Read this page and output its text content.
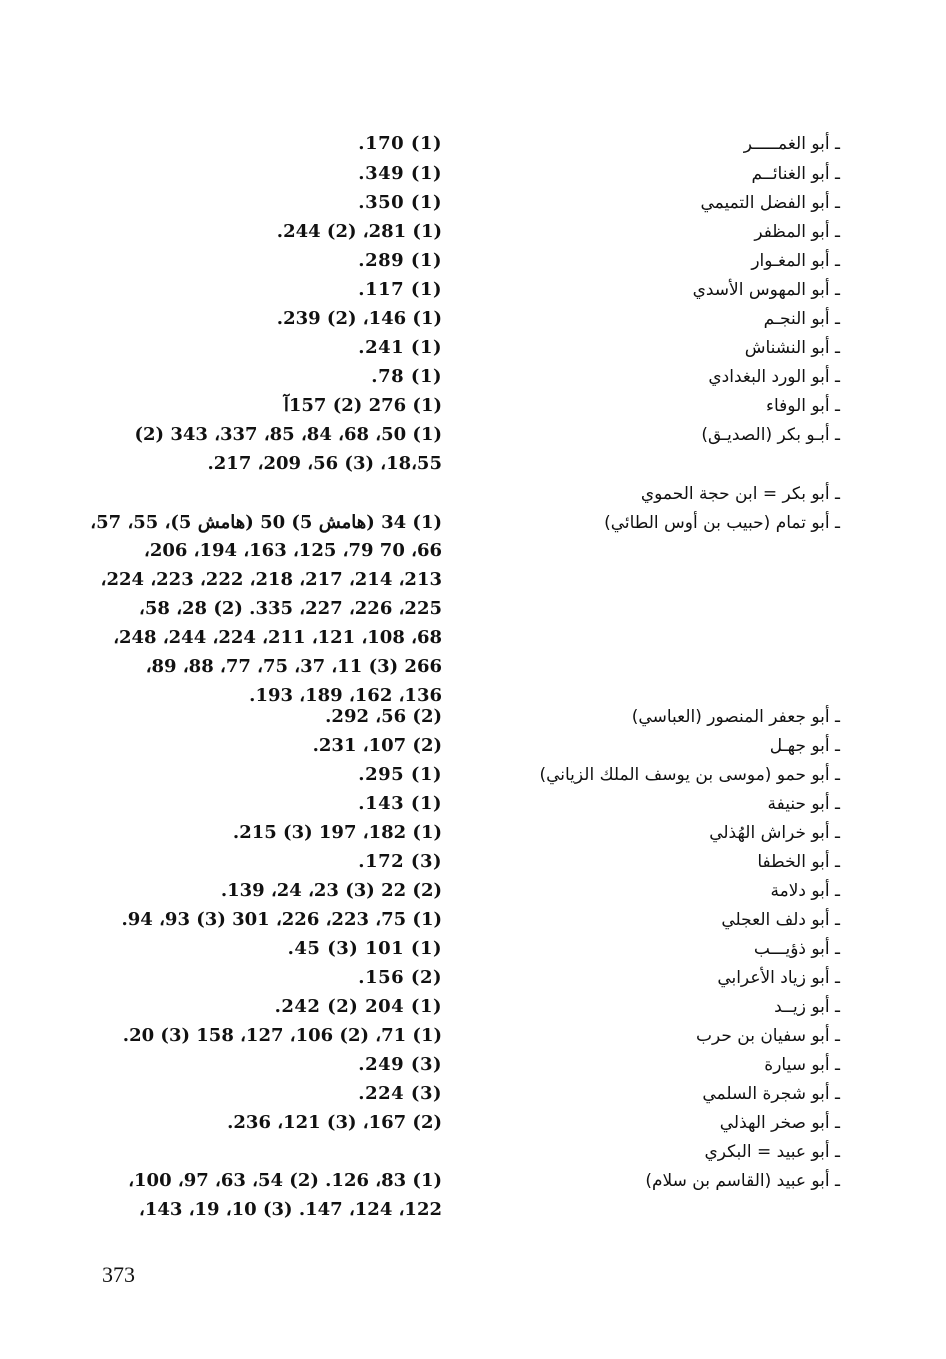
ـ أبو الغمـــــر
(1) 170.
ـ أبو الغنائــم
(1) 349.
ـ أبو الفضل التميمي
(1) 350.
ـ أبو المظفر
(1) 281، (2) 244.
ـ أبو المغـوار
(1) 289.
ـ أبو المهوس الأسدي
(1) 117.
ـ أبو النجـم
(1) 146، (2) 239.
ـ أبو النشناش
(1) 241.
ـ أبو الورد البغدادي
(1) 78.
ـ أبو الوفاء
(1) 276 (2) 157آ
ـ أبـو بكر (الصديـق)
(1) 50، 68، 84، 85، 337، 343 (2)
18،55، (3) 56، 209، 217.
ـ أبو بكر = ابن حجة الحموي
ـ أبو تمام (حبيب بن أوس الطائي)
(1) 34 (هامش 5) 50 (هامش 5)، 55، 57،
66، 70 79، 125، 163، 194، 206،
213، 214، 217، 218، 222، 223، 224،
225، 226، 227، 335. (2) 28، 58،
68، 108، 121، 211، 224، 244، 248،
266 (3) 11، 37، 75، 77، 88، 89،
136، 162، 189، 193.
ـ أبو جعفر المنصور (العباسي)
(2) 56، 292.
ـ أبو جهـل
(2) 107، 231.
ـ أبو حمو (موسى بن يوسف الملك الزياني)
(1) 295.
ـ أبو حنيفة
(1) 143.
ـ أبو خراش الهُذلي
(1) 182، 197 (3) 215.
ـ أبو الخطفا
(3) 172.
ـ أبو دلامة
(2) 22 (3) 23، 24، 139.
ـ أبو دلف العجلي
(1) 75، 223، 226، 301 (3) 93، 94.
ـ أبو ذؤيـــب
(1) 101 (3) 45.
ـ أبو زياد الأعرابي
(2) 156.
ـ أبو زيــد
(1) 204 (2) 242.
ـ أبو سفيان بن حرب
(1) 71، (2) 106، 127، 158 (3) 20.
ـ أبو سيارة
(3) 249.
ـ أبو شجرة السلمي
(3) 224.
ـ أبو صخر الهذلي
(2) 167، (3) 121، 236.
ـ أبو عبيد = البكري
ـ أبو عبيد (القاسم بن سلام)
(1) 83، 126. (2) 54، 63، 97، 100،
122، 124، 147. (3) 10، 19، 143،
373
